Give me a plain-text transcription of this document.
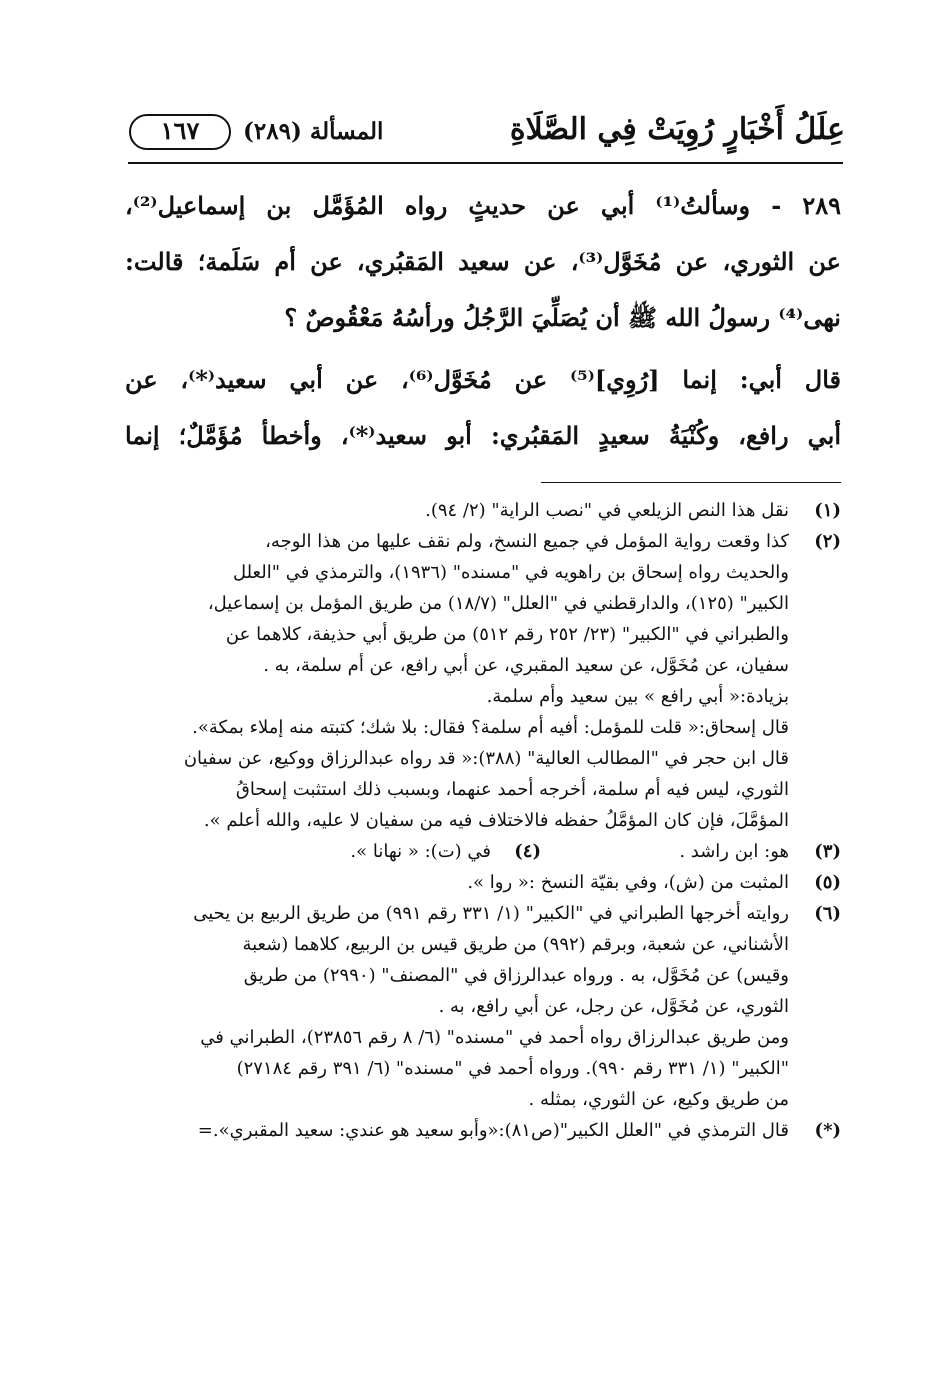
عِلَلُ أَخْبَارٍ رُوِيَتْ فِي الصَّلَاةِ
المسألة (٢٨٩)
١٦٧

٢٨٩ - وسألتُ⁽¹⁾ أبي عن حديثٍ رواه المُؤَمَّل بن إسماعيل⁽²⁾،
عن الثوري، عن مُخَوَّل⁽³⁾، عن سعيد المَقبُري، عن أم سَلَمة؛ قالت:
نهى⁽⁴⁾ رسولُ الله ﷺ أن يُصَلِّيَ الرَّجُلُ ورأسُهُ مَعْقُوصٌ ؟

قال أبي: إنما [رُوِي]⁽⁵⁾ عن مُخَوَّل⁽⁶⁾، عن أبي سعيد⁽*⁾، عن
أبي رافع، وكُنْيَةُ سعيدٍ المَقبُري: أبو سعيد⁽*⁾، وأخطأ مُؤَمَّلٌ؛ إنما

(١)
نقل هذا النص الزيلعي في "نصب الراية" (٢/ ٩٤).
(٢)
كذا وقعت رواية المؤمل في جميع النسخ، ولم نقف عليها من هذا الوجه،
والحديث رواه إسحاق بن راهويه في "مسنده" (١٩٣٦)، والترمذي في "العلل
الكبير" (١٢٥)، والدارقطني في "العلل" (١٨/٧) من طريق المؤمل بن إسماعيل،
والطبراني في "الكبير" (٢٣/ ٢٥٢ رقم ٥١٢) من طريق أبي حذيفة، كلاهما عن
سفيان، عن مُخَوَّل، عن سعيد المقبري، عن أبي رافع، عن أم سلمة، به .
بزيادة:« أبي رافع » بين سعيد وأم سلمة.
قال إسحاق:« قلت للمؤمل: أفيه أم سلمة؟ فقال: بلا شك؛ كتبته منه إملاء بمكة».
قال ابن حجر في "المطالب العالية" (٣٨٨):« قد رواه عبدالرزاق ووكيع، عن سفيان
الثوري، ليس فيه أم سلمة، أخرجه أحمد عنهما، وبسبب ذلك استثبت إسحاقُ
المؤمَّلَ، فإن كان المؤمَّلُ حفظه فالاختلاف فيه من سفيان لا عليه، والله أعلم ».
(٣)
هو: ابن راشد .
(٤)
في (ت): « نهانا ».
(٥)
المثبت من (ش)، وفي بقيّة النسخ :« روا ».
(٦)
روايته أخرجها الطبراني في "الكبير" (١/ ٣٣١ رقم ٩٩١) من طريق الربيع بن يحيى
الأشناني، عن شعبة، وبرقم (٩٩٢) من طريق قيس بن الربيع، كلاهما (شعبة
وقيس) عن مُخَوَّل، به . ورواه عبدالرزاق في "المصنف" (٢٩٩٠) من طريق
الثوري، عن مُخَوَّل، عن رجل، عن أبي رافع، به .
ومن طريق عبدالرزاق رواه أحمد في "مسنده" (٦/ ٨ رقم ٢٣٨٥٦)، الطبراني في
"الكبير" (١/ ٣٣١ رقم ٩٩٠). ورواه أحمد في "مسنده" (٦/ ٣٩١ رقم ٢٧١٨٤)
من طريق وكيع، عن الثوري، بمثله .
(*)
قال الترمذي في "العلل الكبير"(ص٨١):«وأبو سعيد هو عندي: سعيد المقبري».=
